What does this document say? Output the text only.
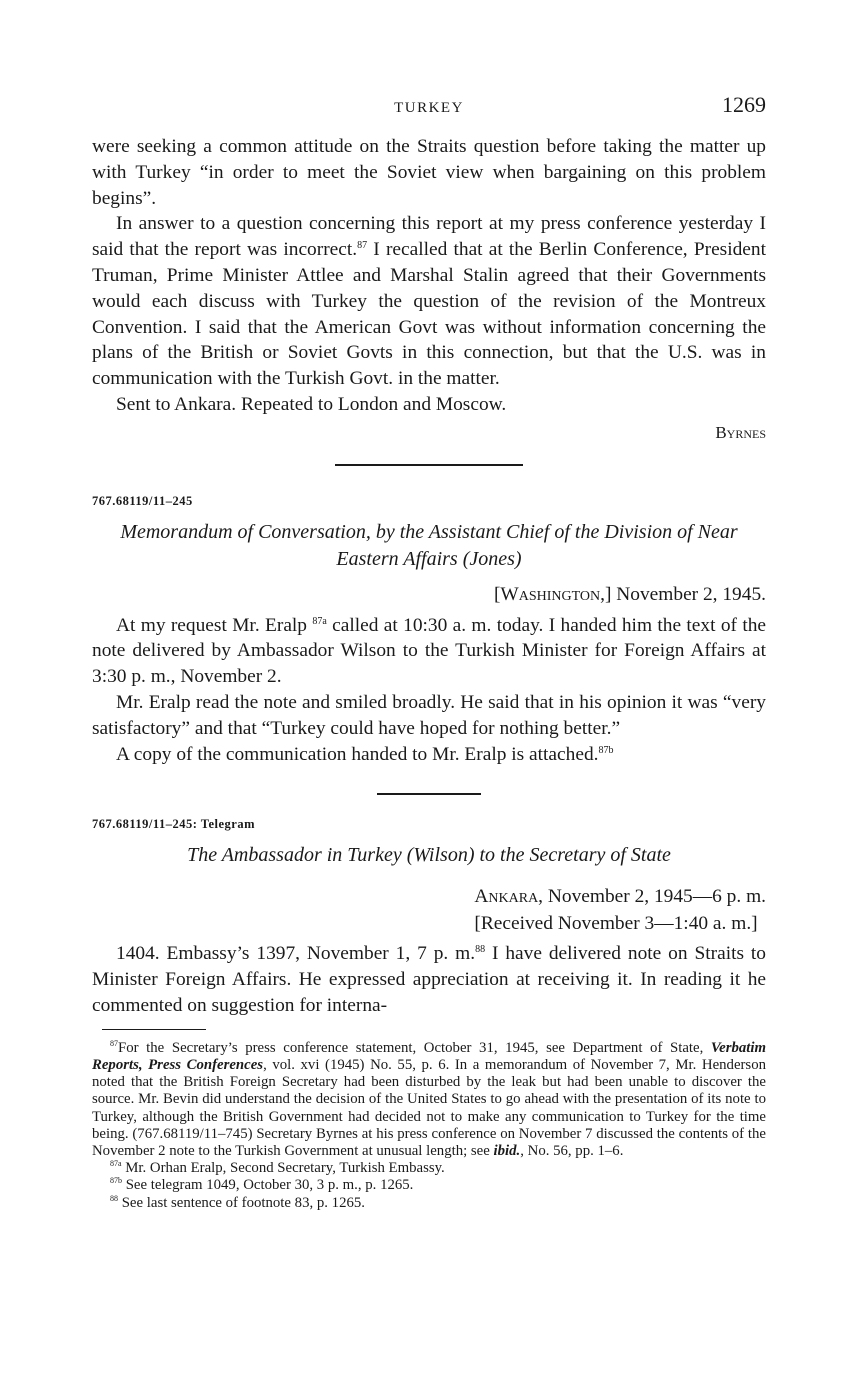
TURKEY	1269

were seeking a common attitude on the Straits question before taking the matter up with Turkey “in order to meet the Soviet view when bargaining on this problem begins”.

In answer to a question concerning this report at my press conference yesterday I said that the report was incorrect.$^{87}$ I recalled that at the Berlin Conference, President Truman, Prime Minister Attlee and Marshal Stalin agreed that their Governments would each discuss with Turkey the question of the revision of the Montreux Convention. I said that the American Govt was without information concerning the plans of the British or Soviet Govts in this connection, but that the U.S. was in communication with the Turkish Govt. in the matter.

Sent to Ankara. Repeated to London and Moscow.

Byrnes
767.68119/11–245
Memorandum of Conversation, by the Assistant Chief of the Division of Near Eastern Affairs (Jones)
[Washington,] November 2, 1945.

At my request Mr. Eralp $^{87a}$ called at 10:30 a. m. today. I handed him the text of the note delivered by Ambassador Wilson to the Turkish Minister for Foreign Affairs at 3:30 p. m., November 2.

Mr. Eralp read the note and smiled broadly. He said that in his opinion it was “very satisfactory” and that “Turkey could have hoped for nothing better.”

A copy of the communication handed to Mr. Eralp is attached.$^{87b}$

767.68119/11–245: Telegram
The Ambassador in Turkey (Wilson) to the Secretary of State
Ankara, November 2, 1945—6 p. m.
[Received November 3—1:40 a. m.]

1404. Embassy’s 1397, November 1, 7 p. m.$^{88}$ I have delivered note on Straits to Minister Foreign Affairs. He expressed appreciation at receiving it. In reading it he commented on suggestion for interna-

$^{87}$For the Secretary’s press conference statement, October 31, 1945, see Department of State, Verbatim Reports, Press Conferences, vol. xvi (1945) No. 55, p. 6. In a memorandum of November 7, Mr. Henderson noted that the British Foreign Secretary had been disturbed by the leak but had been unable to discover the source. Mr. Bevin did understand the decision of the United States to go ahead with the presentation of its note to Turkey, although the British Government had decided not to make any communication to Turkey for the time being. (767.68119/11–745) Secretary Byrnes at his press conference on November 7 discussed the contents of the November 2 note to the Turkish Government at unusual length; see ibid., No. 56, pp. 1–6.

$^{87a}$ Mr. Orhan Eralp, Second Secretary, Turkish Embassy.

$^{87b}$ See telegram 1049, October 30, 3 p. m., p. 1265.

$^{88}$ See last sentence of footnote 83, p. 1265.
